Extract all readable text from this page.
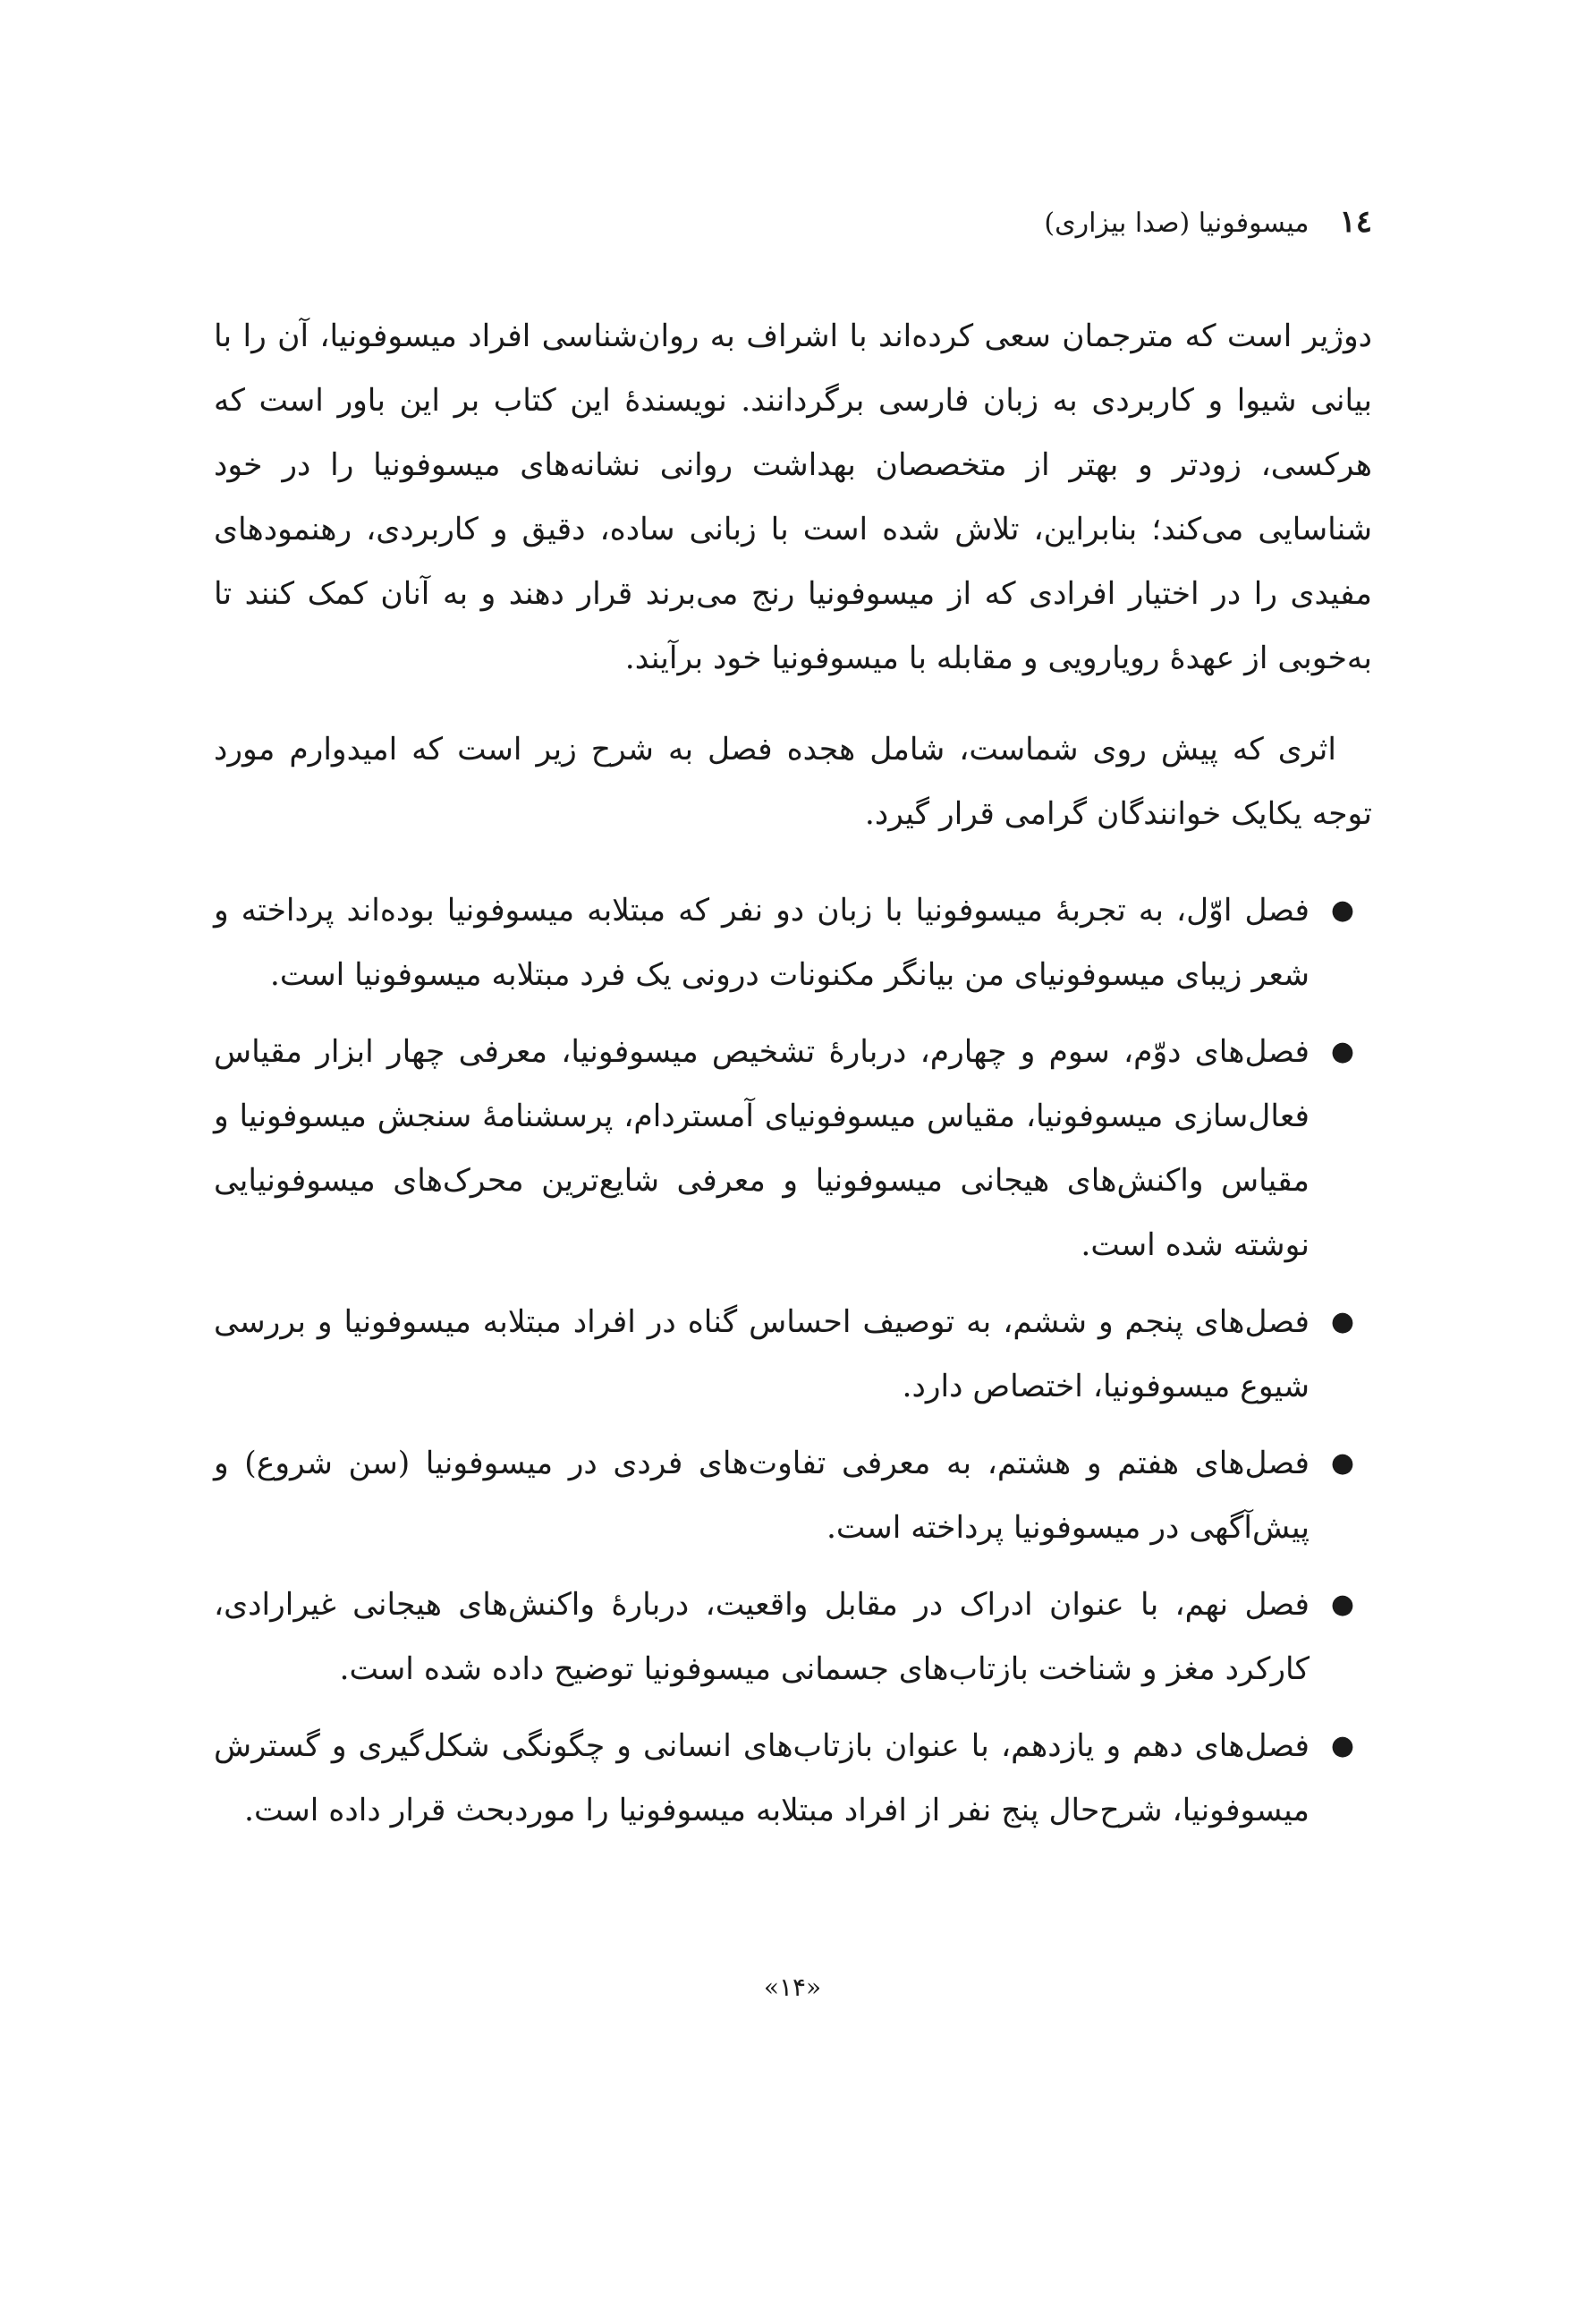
١٤
میسوفونیا (صدا بیزاری)

دوژیر است که مترجمان سعی کرده‌اند با اشراف به روان‌شناسی افراد میسوفونیا، آن را با بیانی شیوا و کاربردی به زبان فارسی برگردانند. نویسندهٔ این کتاب بر این باور است که هرکسی، زودتر و بهتر از متخصصان بهداشت روانی نشانه‌های میسوفونیا را در خود شناسایی می‌کند؛ بنابراین، تلاش شده است با زبانی ساده، دقیق و کاربردی، رهنمودهای مفیدی را در اختیار افرادی که از میسوفونیا رنج می‌برند قرار دهند و به آنان کمک کنند تا به‌خوبی از عهدهٔ رویارویی و مقابله با میسوفونیا خود برآیند.

اثری که پیش روی شماست، شامل هجده فصل به شرح زیر است که امیدوارم مورد توجه یکایک خوانندگان گرامی قرار گیرد.

●
فصل اوّل، به تجربهٔ میسوفونیا با زبان دو نفر که مبتلابه میسوفونیا بوده‌اند پرداخته و شعر زیبای میسوفونیای من بیانگر مکنونات درونی یک فرد مبتلابه میسوفونیا است.
●
فصل‌های دوّم، سوم و چهارم، دربارهٔ تشخیص میسوفونیا، معرفی چهار ابزار مقیاس فعال‌سازی میسوفونیا، مقیاس میسوفونیای آمستردام، پرسشنامهٔ سنجش میسوفونیا و مقیاس واکنش‌های هیجانی میسوفونیا و معرفی شایع‌ترین محرک‌های میسوفونیایی نوشته شده است.
●
فصل‌های پنجم و ششم، به توصیف احساس گناه در افراد مبتلابه میسوفونیا و بررسی شیوع میسوفونیا، اختصاص دارد.
●
فصل‌های هفتم و هشتم، به معرفی تفاوت‌های فردی در میسوفونیا (سن شروع) و پیش‌آگهی در میسوفونیا پرداخته است.
●
فصل نهم، با عنوان ادراک در مقابل واقعیت، دربارهٔ واکنش‌های هیجانی غیرارادی، کارکرد مغز و شناخت بازتاب‌های جسمانی میسوفونیا توضیح داده شده است.
●
فصل‌های دهم و یازدهم، با عنوان بازتاب‌های انسانی و چگونگی شکل‌گیری و گسترش میسوفونیا، شرح‌حال پنج نفر از افراد مبتلابه میسوفونیا را موردبحث قرار داده است.
«١۴»
